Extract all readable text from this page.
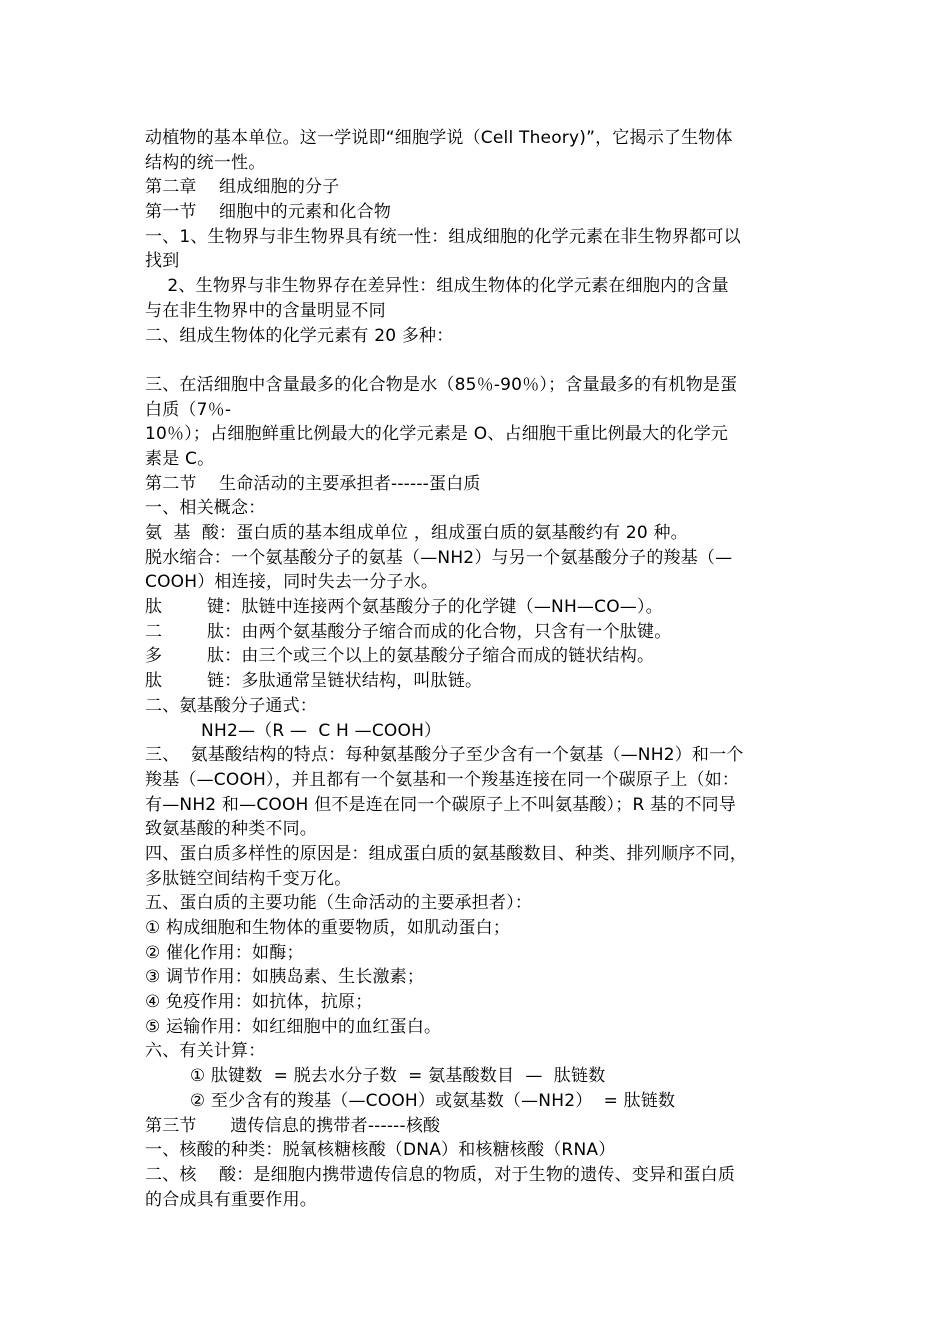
动植物的基本单位。这一学说即“细胞学说（Cell Theory)”，它揭示了生物体
结构的统一性。
第二章    组成细胞的分子
第一节    细胞中的元素和化合物
一、1、生物界与非生物界具有统一性：组成细胞的化学元素在非生物界都可以
找到
2、生物界与非生物界存在差异性：组成生物体的化学元素在细胞内的含量
与在非生物界中的含量明显不同
二、组成生物体的化学元素有 20 多种：
三、在活细胞中含量最多的化合物是水（85％-90％）；含量最多的有机物是蛋
白质（7％-
10％）；占细胞鲜重比例最大的化学元素是 O、占细胞干重比例最大的化学元
素是 C。
第二节    生命活动的主要承担者------蛋白质
一、相关概念：
氨  基  酸：蛋白质的基本组成单位 ，组成蛋白质的氨基酸约有 20 种。
脱水缩合：一个氨基酸分子的氨基（—NH2）与另一个氨基酸分子的羧基（—
COOH）相连接，同时失去一分子水。
肽        键：肽链中连接两个氨基酸分子的化学键（—NH—CO—）。
二        肽：由两个氨基酸分子缩合而成的化合物，只含有一个肽键。
多        肽：由三个或三个以上的氨基酸分子缩合而成的链状结构。
肽        链：多肽通常呈链状结构，叫肽链。
二、氨基酸分子通式：
NH2—（R —  C H —COOH）
三、  氨基酸结构的特点：每种氨基酸分子至少含有一个氨基（—NH2）和一个
羧基（—COOH），并且都有一个氨基和一个羧基连接在同一个碳原子上（如：
有—NH2 和—COOH 但不是连在同一个碳原子上不叫氨基酸）；R 基的不同导
致氨基酸的种类不同。
四、蛋白质多样性的原因是：组成蛋白质的氨基酸数目、种类、排列顺序不同，
多肽链空间结构千变万化。
五、蛋白质的主要功能（生命活动的主要承担者）：
① 构成细胞和生物体的重要物质，如肌动蛋白；
② 催化作用：如酶；
③ 调节作用：如胰岛素、生长激素；
④ 免疫作用：如抗体，抗原；
⑤ 运输作用：如红细胞中的血红蛋白。
六、有关计算：
① 肽键数  = 脱去水分子数  = 氨基酸数目  —  肽链数
② 至少含有的羧基（—COOH）或氨基数（—NH2）  = 肽链数
第三节      遗传信息的携带者------核酸
一、核酸的种类：脱氧核糖核酸（DNA）和核糖核酸（RNA）
二、核    酸：是细胞内携带遗传信息的物质，对于生物的遗传、变异和蛋白质
的合成具有重要作用。
